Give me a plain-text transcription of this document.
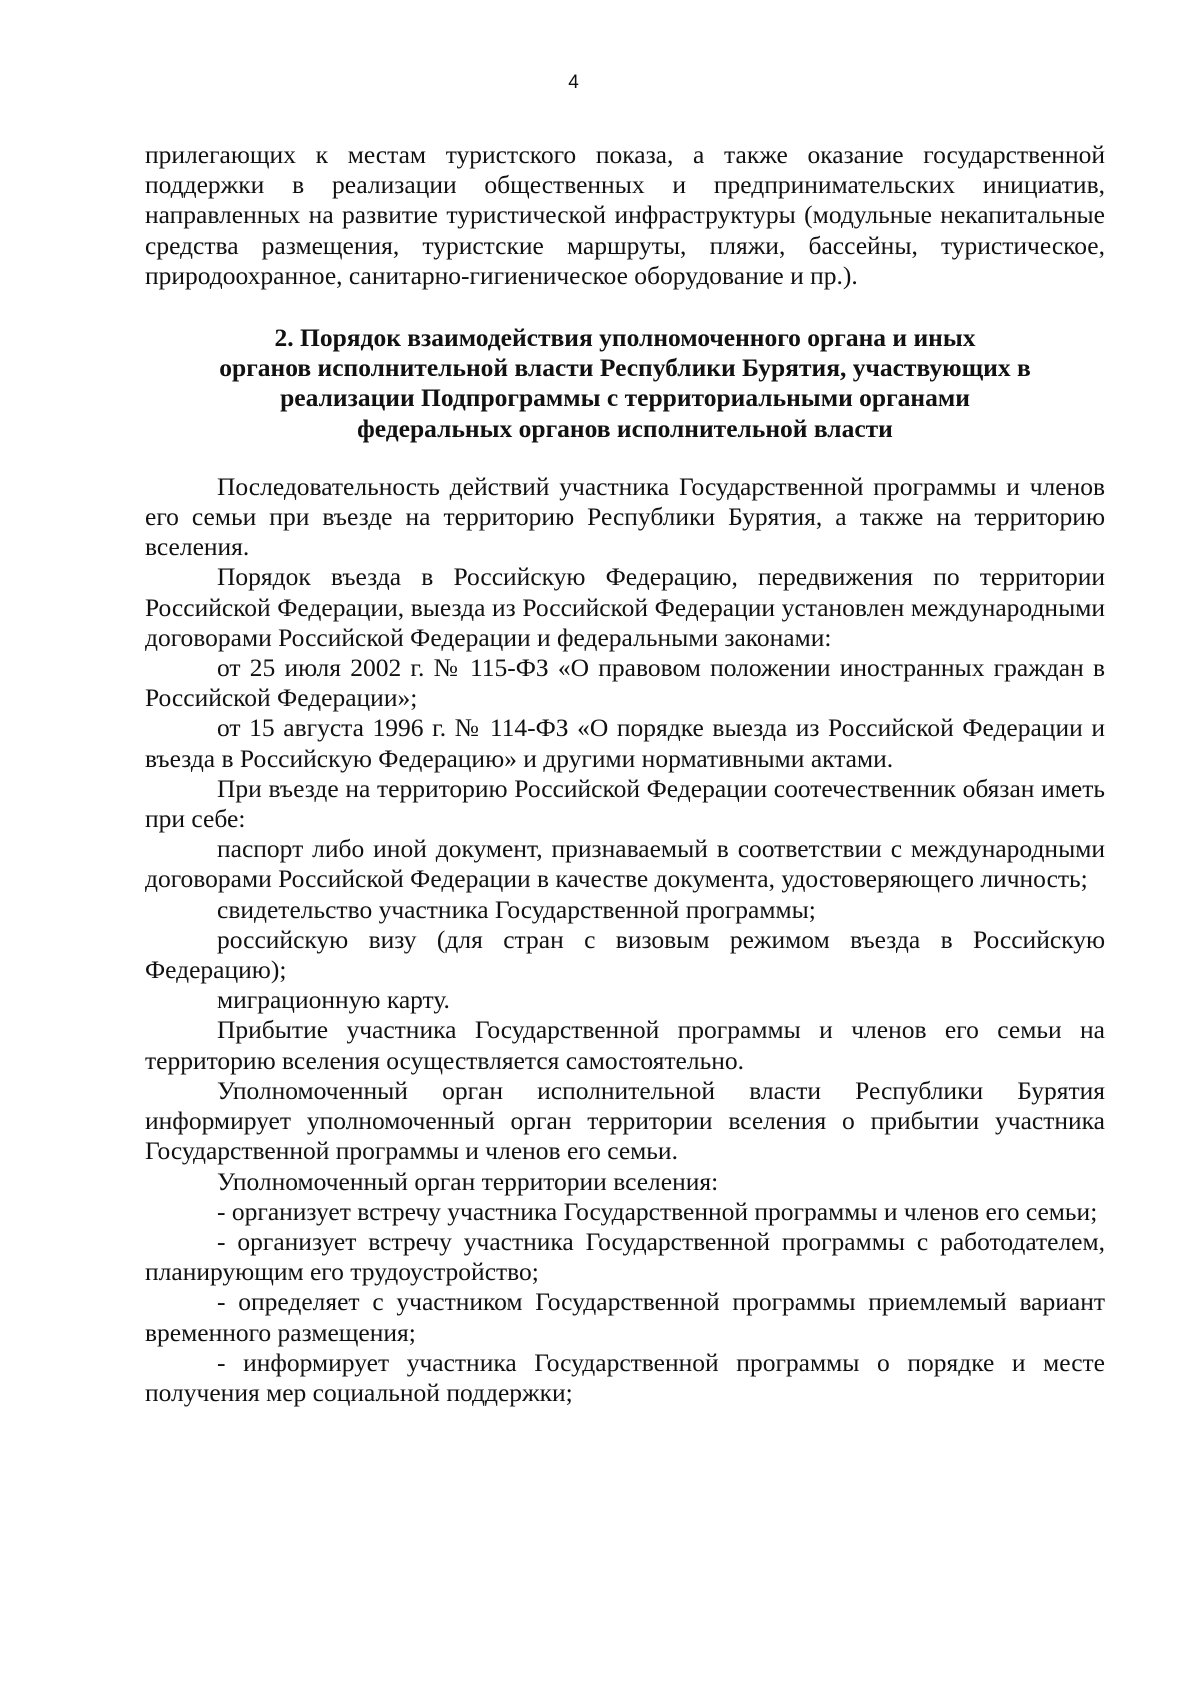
4

прилегающих к местам туристского показа, а также оказание государственной поддержки в реализации общественных и предпринимательских инициатив, направленных на развитие туристической инфраструктуры (модульные некапитальные средства размещения, туристские маршруты, пляжи, бассейны, туристическое, природоохранное, санитарно-гигиеническое оборудование и пр.).

2. Порядок взаимодействия уполномоченного органа и иных
органов исполнительной власти Республики Бурятия, участвующих в
реализации Подпрограммы с территориальными органами
федеральных органов исполнительной власти

Последовательность действий участника Государственной программы и членов его семьи при въезде на территорию Республики Бурятия, а также на территорию вселения.

Порядок въезда в Российскую Федерацию, передвижения по территории Российской Федерации, выезда из Российской Федерации установлен международными договорами Российской Федерации и федеральными законами:

от 25 июля 2002 г. № 115-ФЗ «О правовом положении иностранных граждан в Российской Федерации»;

от 15 августа 1996 г. № 114-ФЗ «О порядке выезда из Российской Федерации и въезда в Российскую Федерацию» и другими нормативными актами.

При въезде на территорию Российской Федерации соотечественник обязан иметь при себе:

паспорт либо иной документ, признаваемый в соответствии с международными договорами Российской Федерации в качестве документа, удостоверяющего личность;

свидетельство участника Государственной программы;

российскую визу (для стран с визовым режимом въезда в Российскую Федерацию);

миграционную карту.

Прибытие участника Государственной программы и членов его семьи на территорию вселения осуществляется самостоятельно.

Уполномоченный орган исполнительной власти Республики Бурятия информирует уполномоченный орган территории вселения о прибытии участника Государственной программы и членов его семьи.

Уполномоченный орган территории вселения:

- организует встречу участника Государственной программы и членов его семьи;

- организует встречу участника Государственной программы с работодателем, планирующим его трудоустройство;

- определяет с участником Государственной программы приемлемый вариант временного размещения;

- информирует участника Государственной программы о порядке и месте получения мер социальной поддержки;
